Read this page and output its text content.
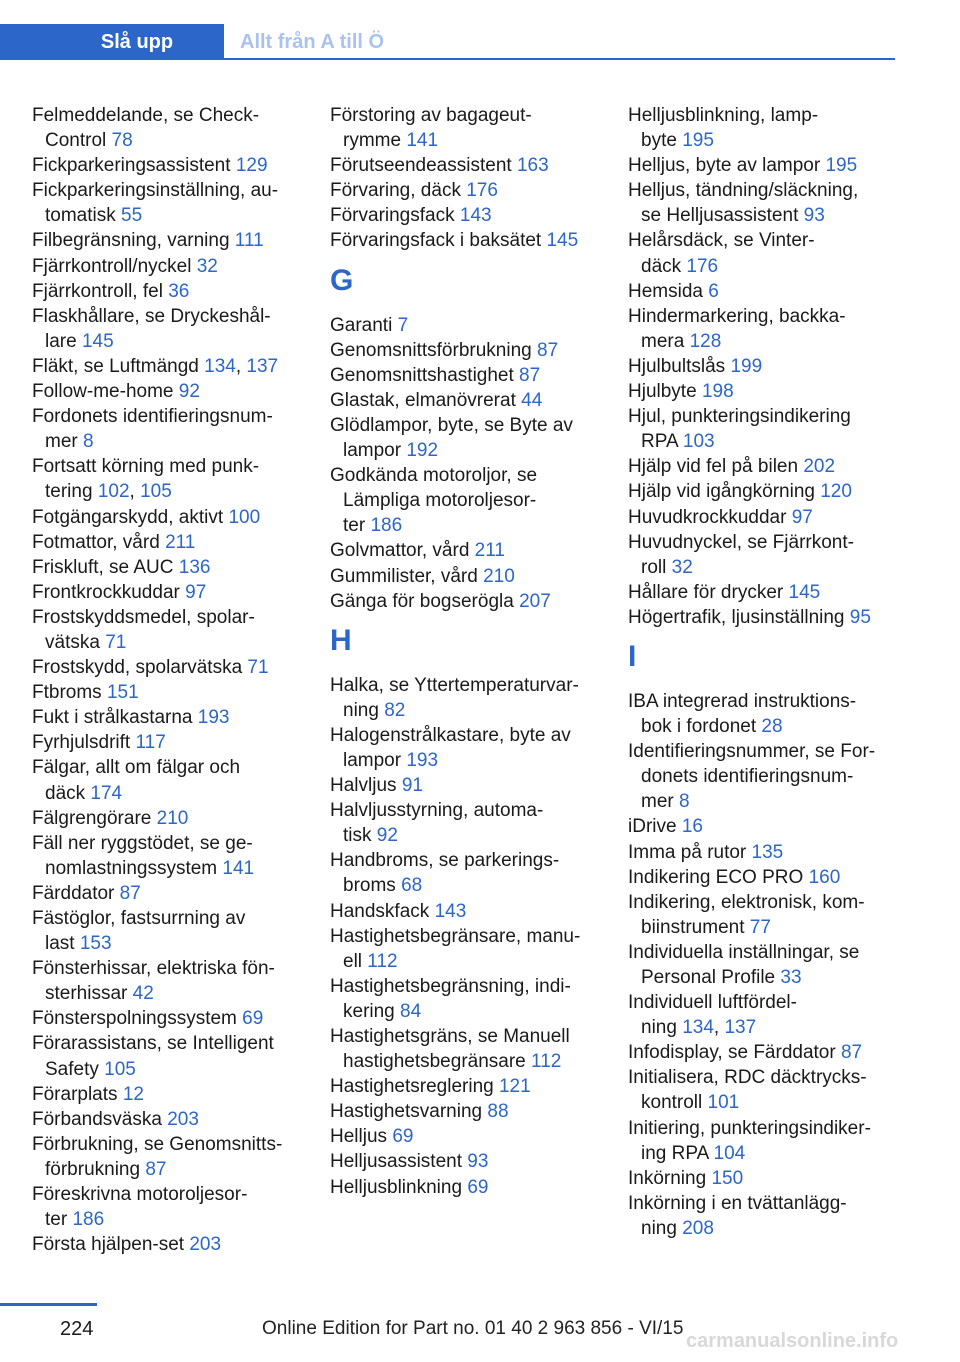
Slå upp	Allt från A till Ö
Felmeddelande, se Check-
Control 78
Fickparkeringsassistent 129
Fickparkeringsinställning, au-
tomatisk 55
Filbegränsning, varning 111
Fjärrkontroll/nyckel 32
Fjärrkontroll, fel 36
Flaskhållare, se Dryckeshål-
lare 145
Fläkt, se Luftmängd 134, 137
Follow-me-home 92
Fordonets identifieringsnum-
mer 8
Fortsatt körning med punk-
tering 102, 105
Fotgängarskydd, aktivt 100
Fotmattor, vård 211
Friskluft, se AUC 136
Frontkrockkuddar 97
Frostskyddsmedel, spolar-
vätska 71
Frostskydd, spolarvätska 71
Ftbroms 151
Fukt i strålkastarna 193
Fyrhjulsdrift 117
Fälgar, allt om fälgar och
däck 174
Fälgrengörare 210
Fäll ner ryggstödet, se ge-
nomlastningssystem 141
Färddator 87
Fästöglor, fastsurrning av
last 153
Fönsterhissar, elektriska fön-
sterhissar 42
Fönsterspolningssystem 69
Förarassistans, se Intelligent
Safety 105
Förarplats 12
Förbandsväska 203
Förbrukning, se Genomsnitts-
förbrukning 87
Föreskrivna motoroljesor-
ter 186
Första hjälpen-set 203
Förstoring av bagageut-
rymme 141
Förutseendeassistent 163
Förvaring, däck 176
Förvaringsfack 143
Förvaringsfack i baksätet 145
G
Garanti 7
Genomsnittsförbrukning 87
Genomsnittshastighet 87
Glastak, elmanövrerat 44
Glödlampor, byte, se Byte av
lampor 192
Godkända motoroljor, se
Lämpliga motoroljesor-
ter 186
Golvmattor, vård 211
Gummilister, vård 210
Gänga för bogserögla 207
H
Halka, se Yttertemperaturvar-
ning 82
Halogenstrålkastare, byte av
lampor 193
Halvljus 91
Halvljusstyrning, automa-
tisk 92
Handbroms, se parkerings-
broms 68
Handskfack 143
Hastighetsbegränsare, manu-
ell 112
Hastighetsbegränsning, indi-
kering 84
Hastighetsgräns, se Manuell
hastighetsbegränsare 112
Hastighetsreglering 121
Hastighetsvarning 88
Helljus 69
Helljusassistent 93
Helljusblinkning 69
Helljusblinkning, lamp-
byte 195
Helljus, byte av lampor 195
Helljus, tändning/släckning,
se Helljusassistent 93
Helårsdäck, se Vinter-
däck 176
Hemsida 6
Hindermarkering, backka-
mera 128
Hjulbultslås 199
Hjulbyte 198
Hjul, punkteringsindikering
RPA 103
Hjälp vid fel på bilen 202
Hjälp vid igångkörning 120
Huvudkrockkuddar 97
Huvudnyckel, se Fjärrkont-
roll 32
Hållare för drycker 145
Högertrafik, ljusinställning 95
I
IBA integrerad instruktions-
bok i fordonet 28
Identifieringsnummer, se For-
donets identifieringsnum-
mer 8
iDrive 16
Imma på rutor 135
Indikering ECO PRO 160
Indikering, elektronisk, kom-
biinstrument 77
Individuella inställningar, se
Personal Profile 33
Individuell luftfördel-
ning 134, 137
Infodisplay, se Färddator 87
Initialisera, RDC däcktrycks-
kontroll 101
Initiering, punkteringsindiker-
ing RPA 104
Inkörning 150
Inkörning i en tvättanlägg-
ning 208
224	Online Edition for Part no. 01 40 2 963 856 - VI/15
carmanualsonline.info
